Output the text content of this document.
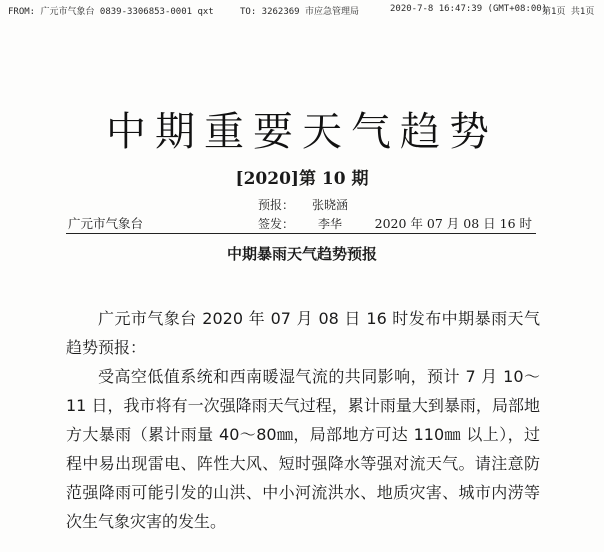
FROM: 广元市气象台 0839-3306853-0001 qxt	TO: 3262369 市应急管理局	2020-7-8 16:47:39 (GMT+08:00)
第1页 共1页
中期重要天气趋势
[2020]第 10 期
预报： 张晓涵
签发： 李华
广元市气象台	2020 年 07 月 08 日 16 时
中期暴雨天气趋势预报

广元市气象台 2020 年 07 月 08 日 16 时发布中期暴雨天气趋势预报：

受高空低值系统和西南暖湿气流的共同影响，预计 7 月 10～11 日，我市将有一次强降雨天气过程，累计雨量大到暴雨，局部地方大暴雨（累计雨量 40～80㎜，局部地方可达 110㎜ 以上），过程中易出现雷电、阵性大风、短时强降水等强对流天气。请注意防范强降雨可能引发的山洪、中小河流洪水、地质灾害、城市内涝等次生气象灾害的发生。
